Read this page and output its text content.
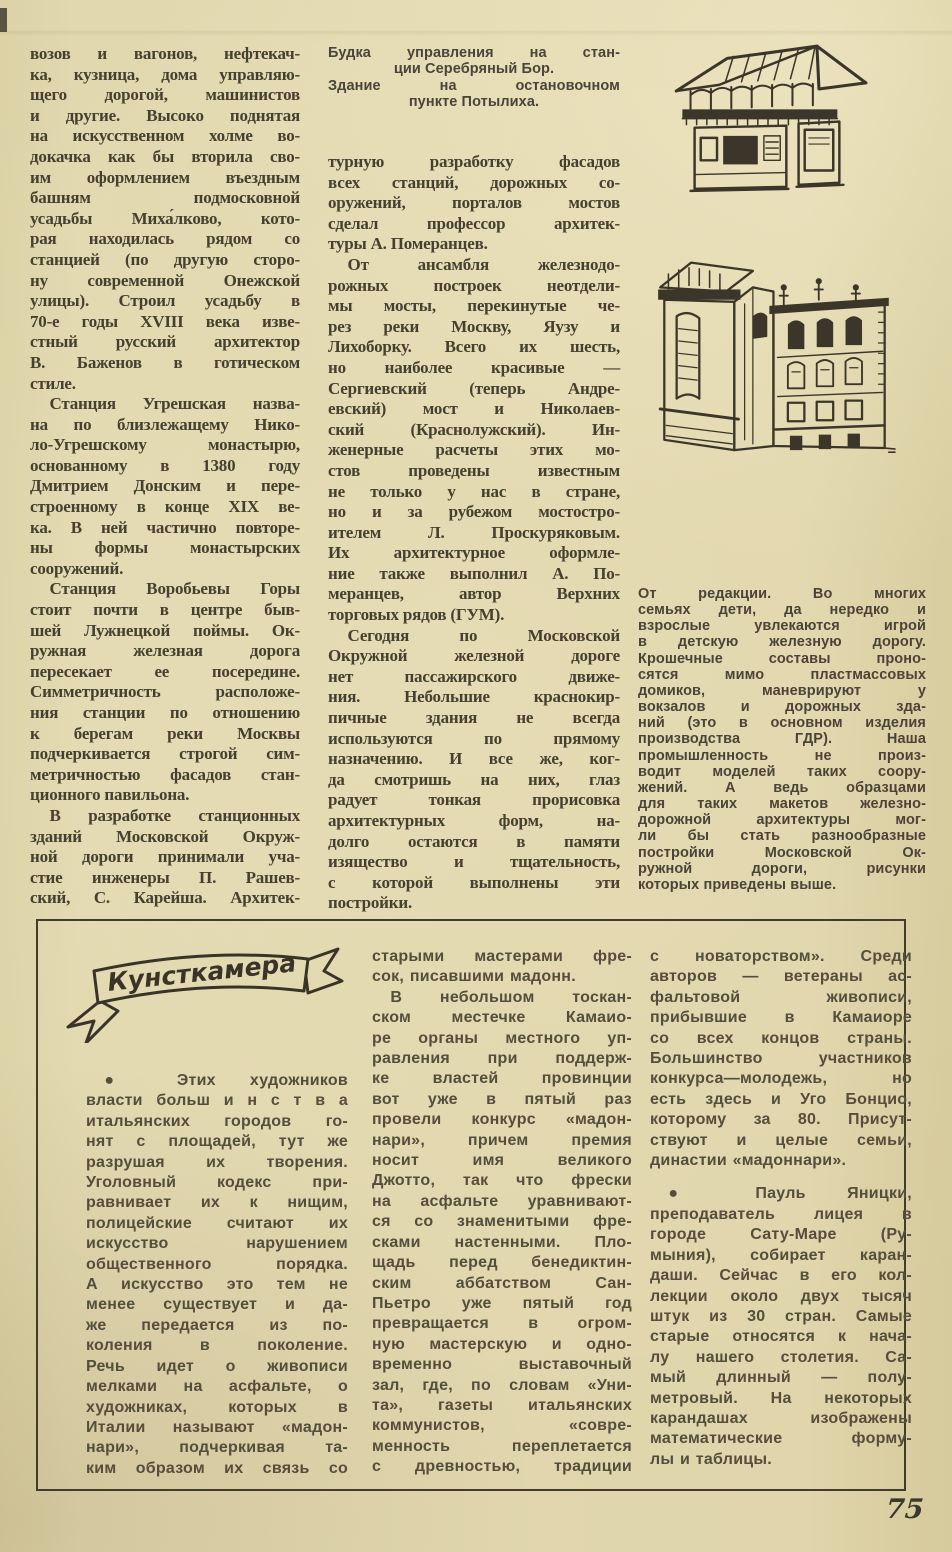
возов и вагонов, нефтекач-
ка, кузница, дома управляю-
щего дорогой, машинистов
и другие. Высоко поднятая
на искусственном холме во-
докачка как бы вторила сво-
им оформлением въездным
башням подмосковной
усадьбы Миха́лково, кото-
рая находилась рядом со
станцией (по другую сторо-
ну современной Онежской
улицы). Строил усадьбу в
70-е годы XVIII века изве-
стный русский архитектор
В. Баженов в готическом
стиле.
Станция Угрешская назва-
на по близлежащему Нико-
ло-Угрешскому монастырю,
основанному в 1380 году
Дмитрием Донским и пере-
строенному в конце XIX ве-
ка. В ней частично повторе-
ны формы монастырских
сооружений.
Станция Воробьевы Горы
стоит почти в центре быв-
шей Лужнецкой поймы. Ок-
ружная железная дорога
пересекает ее посередине.
Симметричность расположе-
ния станции по отношению
к берегам реки Москвы
подчеркивается строгой сим-
метричностью фасадов стан-
ционного павильона.
В разработке станционных
зданий Московской Окруж-
ной дороги принимали уча-
стие инженеры П. Рашев-
ский, С. Карейша. Архитек-
Будка управления на стан-
ции Серебряный Бор.
Здание на остановочном
пункте Потылиха.
турную разработку фасадов
всех станций, дорожных со-
оружений, порталов мостов
сделал профессор архитек-
туры А. Померанцев.
От ансамбля железнодо-
рожных построек неотдели-
мы мосты, перекинутые че-
рез реки Москву, Яузу и
Лихоборку. Всего их шесть,
но наиболее красивые —
Сергиевский (теперь Андре-
евский) мост и Николаев-
ский (Краснолужский). Ин-
женерные расчеты этих мо-
стов проведены известным
не только у нас в стране,
но и за рубежом мостостро-
ителем Л. Проскуряковым.
Их архитектурное оформле-
ние также выполнил А. По-
меранцев, автор Верхних
торговых рядов (ГУМ).
Сегодня по Московской
Окружной железной дороге
нет пассажирского движе-
ния. Небольшие краснокир-
пичные здания не всегда
используются по прямому
назначению. И все же, ког-
да смотришь на них, глаз
радует тонкая прорисовка
архитектурных форм, на-
долго остаются в памяти
изящество и тщательность,
с которой выполнены эти
постройки.
От редакции. Во многих
семьях дети, да нередко и
взрослые увлекаются игрой
в детскую железную дорогу.
Крошечные составы проно-
сятся мимо пластмассовых
домиков, маневрируют у
вокзалов и дорожных зда-
ний (это в основном изделия
производства ГДР). Наша
промышленность не произ-
водит моделей таких соору-
жений. А ведь образцами
для таких макетов железно-
дорожной архитектуры мог-
ли бы стать разнообразные
постройки Московской Ок-
ружной дороги, рисунки
которых приведены выше.
Кунсткамера
● Этих художников
власти больш и н с т в а
итальянских городов го-
нят с площадей, тут же
разрушая их творения.
Уголовный кодекс при-
равнивает их к нищим,
полицейские считают их
искусство нарушением
общественного порядка.
А искусство это тем не
менее существует и да-
же передается из по-
коления в поколение.
Речь идет о живописи
мелками на асфальте, о
художниках, которых в
Италии называют «мадон-
нари», подчеркивая та-
ким образом их связь со
старыми мастерами фре-
сок, писавшими мадонн.
В небольшом тоскан-
ском местечке Камаио-
ре органы местного уп-
равления при поддерж-
ке властей провинции
вот уже в пятый раз
провели конкурс «мадон-
нари», причем премия
носит имя великого
Джотто, так что фрески
на асфальте уравнивают-
ся со знаменитыми фре-
сками настенными. Пло-
щадь перед бенедиктин-
ским аббатством Сан-
Пьетро уже пятый год
превращается в огром-
ную мастерскую и одно-
временно выставочный
зал, где, по словам «Уни-
та», газеты итальянских
коммунистов, «совре-
менность переплетается
с древностью, традиции
с новаторством». Среди
авторов — ветераны ас-
фальтовой живописи,
прибывшие в Камаиоре
со всех концов страны.
Большинство участников
конкурса—молодежь, но
есть здесь и Уго Бонцио,
которому за 80. Присут-
ствуют и целые семьи,
династии «мадоннари».
● Пауль Яницки,
преподаватель лицея в
городе Сату-Маре (Ру-
мыния), собирает каран-
даши. Сейчас в его кол-
лекции около двух тысяч
штук из 30 стран. Самые
старые относятся к нача-
лу нашего столетия. Са-
мый длинный — полу-
метровый. На некоторых
карандашах изображены
математические форму-
лы и таблицы.
75
